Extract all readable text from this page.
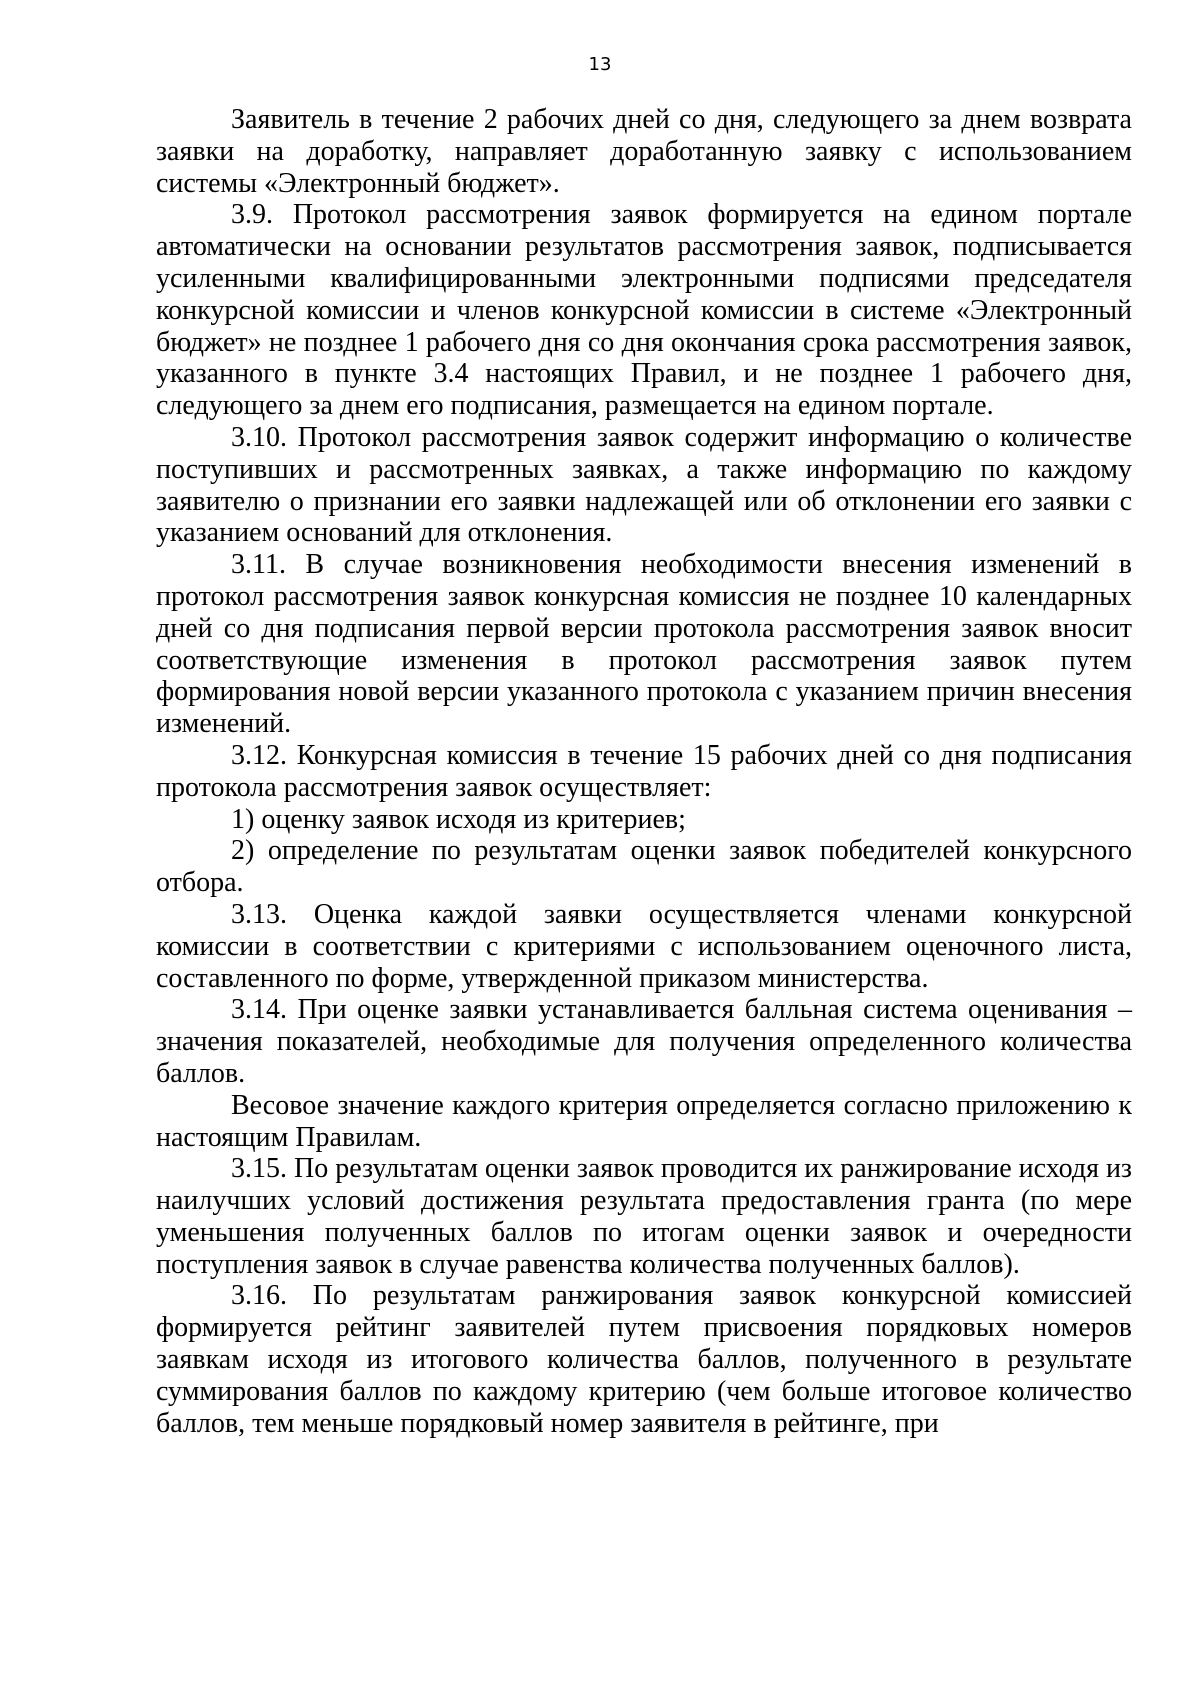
13

Заявитель в течение 2 рабочих дней со дня, следующего за днем возврата заявки на доработку, направляет доработанную заявку с использованием системы «Электронный бюджет».

3.9. Протокол рассмотрения заявок формируется на едином портале автоматически на основании результатов рассмотрения заявок, подписывается усиленными квалифицированными электронными подписями председателя конкурсной комиссии и членов конкурсной комиссии в системе «Электронный бюджет» не позднее 1 рабочего дня со дня окончания срока рассмотрения заявок, указанного в пункте 3.4 настоящих Правил, и не позднее 1 рабочего дня, следующего за днем его подписания, размещается на едином портале.

3.10. Протокол рассмотрения заявок содержит информацию о количестве поступивших и рассмотренных заявках, а также информацию по каждому заявителю о признании его заявки надлежащей или об отклонении его заявки с указанием оснований для отклонения.

3.11. В случае возникновения необходимости внесения изменений в протокол рассмотрения заявок конкурсная комиссия не позднее 10 календарных дней со дня подписания первой версии протокола рассмотрения заявок вносит соответствующие изменения в протокол рассмотрения заявок путем формирования новой версии указанного протокола с указанием причин внесения изменений.

3.12. Конкурсная комиссия в течение 15 рабочих дней со дня подписания протокола рассмотрения заявок осуществляет:

1) оценку заявок исходя из критериев;

2) определение по результатам оценки заявок победителей конкурсного отбора.

3.13. Оценка каждой заявки осуществляется членами конкурсной комиссии в соответствии с критериями с использованием оценочного листа, составленного по форме, утвержденной приказом министерства.

3.14. При оценке заявки устанавливается балльная система оценивания – значения показателей, необходимые для получения определенного количества баллов.

Весовое значение каждого критерия определяется согласно приложению к настоящим Правилам.

3.15. По результатам оценки заявок проводится их ранжирование исходя из наилучших условий достижения результата предоставления гранта (по мере уменьшения полученных баллов по итогам оценки заявок и очередности поступления заявок в случае равенства количества полученных баллов).

3.16. По результатам ранжирования заявок конкурсной комиссией формируется рейтинг заявителей путем присвоения порядковых номеров заявкам исходя из итогового количества баллов, полученного в результате суммирования баллов по каждому критерию (чем больше итоговое количество баллов, тем меньше порядковый номер заявителя в рейтинге, при
